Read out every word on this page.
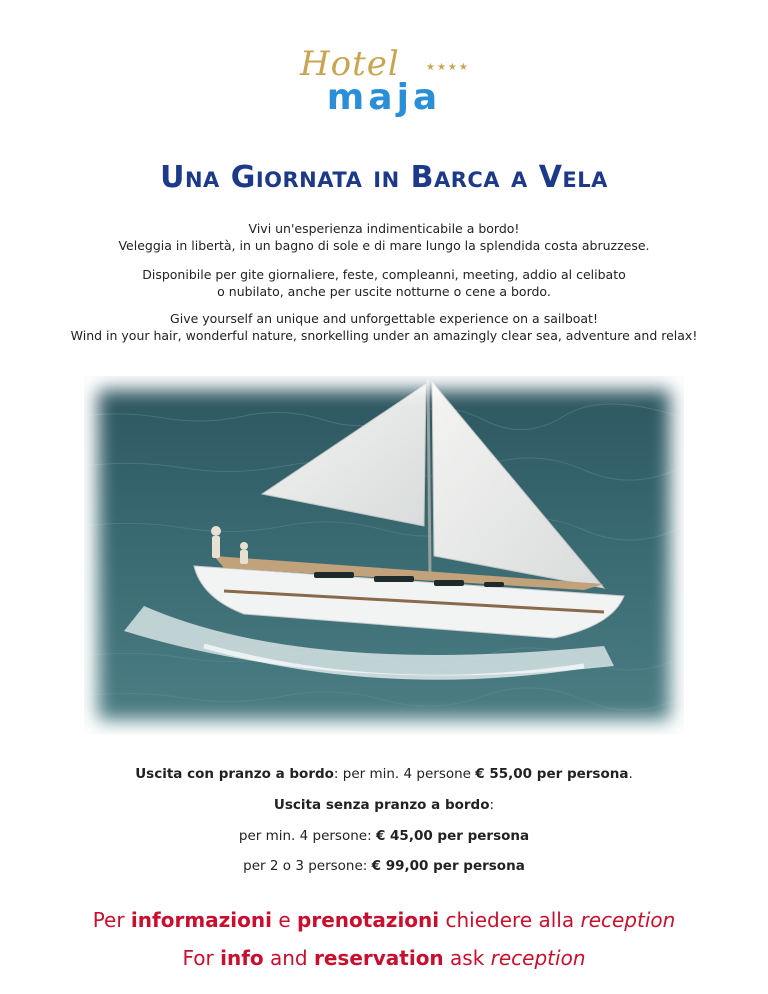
Hotel	★★★★
maja
Una Giornata in Barca a Vela

Vivi un'esperienza indimenticabile a bordo!

Veleggia in libertà, in un bagno di sole e di mare lungo la splendida costa abruzzese.

Disponibile per gite giornaliere, feste, compleanni, meeting, addio al celibato

o nubilato, anche per uscite notturne o cene a bordo.

Give yourself an unique and unforgettable experience on a sailboat!

Wind in your hair, wonderful nature, snorkelling under an amazingly clear sea, adventure and relax!

Uscita con pranzo a bordo: per min. 4 persone € 55,00 per persona.
Uscita senza pranzo a bordo:
per min. 4 persone: € 45,00 per persona
per 2 o 3 persone: € 99,00 per persona
Per informazioni e prenotazioni chiedere alla reception
For info and reservation ask reception
